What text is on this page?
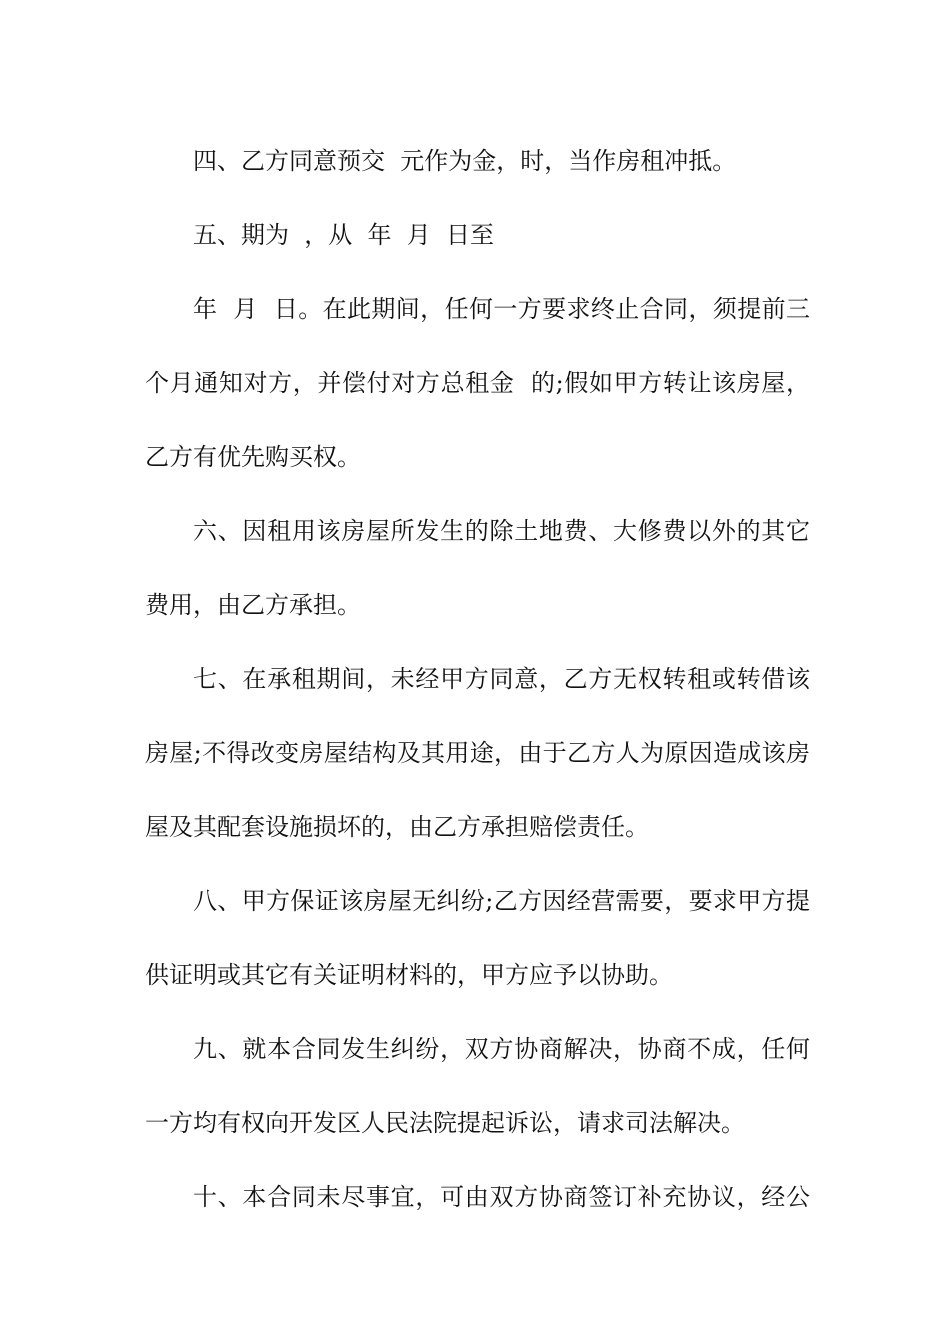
四、乙方同意预交  元作为金，时，当作房租冲抵。
五、期为  ，从  年  月  日至
年  月  日。在此期间，任何一方要求终止合同，须提前三
个月通知对方，并偿付对方总租金  的;假如甲方转让该房屋，
乙方有优先购买权。
六、因租用该房屋所发生的除土地费、大修费以外的其它
费用，由乙方承担。
七、在承租期间，未经甲方同意，乙方无权转租或转借该
房屋;不得改变房屋结构及其用途，由于乙方人为原因造成该房
屋及其配套设施损坏的，由乙方承担赔偿责任。
八、甲方保证该房屋无纠纷;乙方因经营需要，要求甲方提
供证明或其它有关证明材料的，甲方应予以协助。
九、就本合同发生纠纷，双方协商解决，协商不成，任何
一方均有权向开发区人民法院提起诉讼，请求司法解决。
十、本合同未尽事宜，可由双方协商签订补充协议，经公
